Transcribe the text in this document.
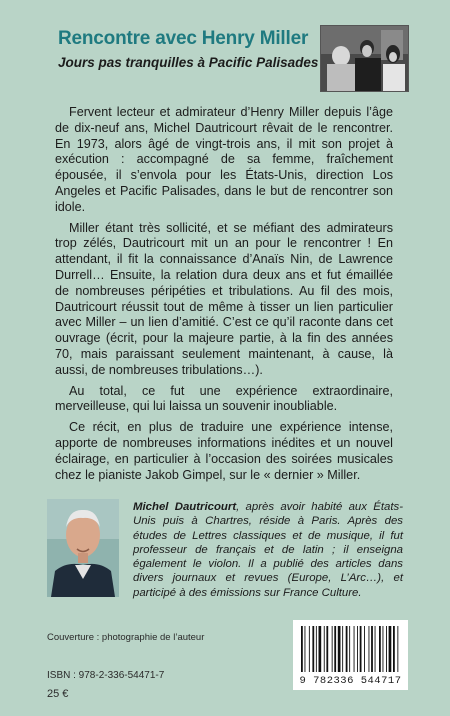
Rencontre avec Henry Miller
Jours pas tranquilles à Pacific Palisades

Fervent lecteur et admirateur d’Henry Miller depuis l’âge de dix-neuf ans, Michel Dautricourt rêvait de le rencontrer. En 1973, alors âgé de vingt-trois ans, il mit son projet à exécution : accompagné de sa femme, fraîchement épousée, il s’envola pour les États-Unis, direction Los Angeles et Pacific Palisades, dans le but de rencontrer son idole.

Miller étant très sollicité, et se méfiant des admirateurs trop zélés, Dautricourt mit un an pour le rencontrer ! En attendant, il fit la connaissance d’Anaïs Nin, de Lawrence Durrell… Ensuite, la relation dura deux ans et fut émaillée de nombreuses péripéties et tribulations. Au fil des mois, Dautricourt réussit tout de même à tisser un lien particulier avec Miller – un lien d’amitié. C’est ce qu’il raconte dans cet ouvrage (écrit, pour la majeure partie, à la fin des années 70, mais paraissant seulement maintenant, à cause, là aussi, de nombreuses tribulations…).

Au total, ce fut une expérience extraordinaire, merveilleuse, qui lui laissa un souvenir inoubliable.

Ce récit, en plus de traduire une expérience intense, apporte de nombreuses informations inédites et un nouvel éclairage, en particulier à l’occasion des soirées musicales chez le pianiste Jakob Gimpel, sur le « dernier » Miller.

Michel Dautricourt, après avoir habité aux États-Unis puis à Chartres, réside à Paris. Après des études de Lettres classiques et de musique, il fut professeur de français et de latin ; il enseigna également le violon. Il a publié des articles dans divers journaux et revues (Europe, L’Arc…), et participé à des émissions sur France Culture.
Couverture : photographie de l’auteur
ISBN : 978-2-336-54471-7
25 €
9 782336 544717
